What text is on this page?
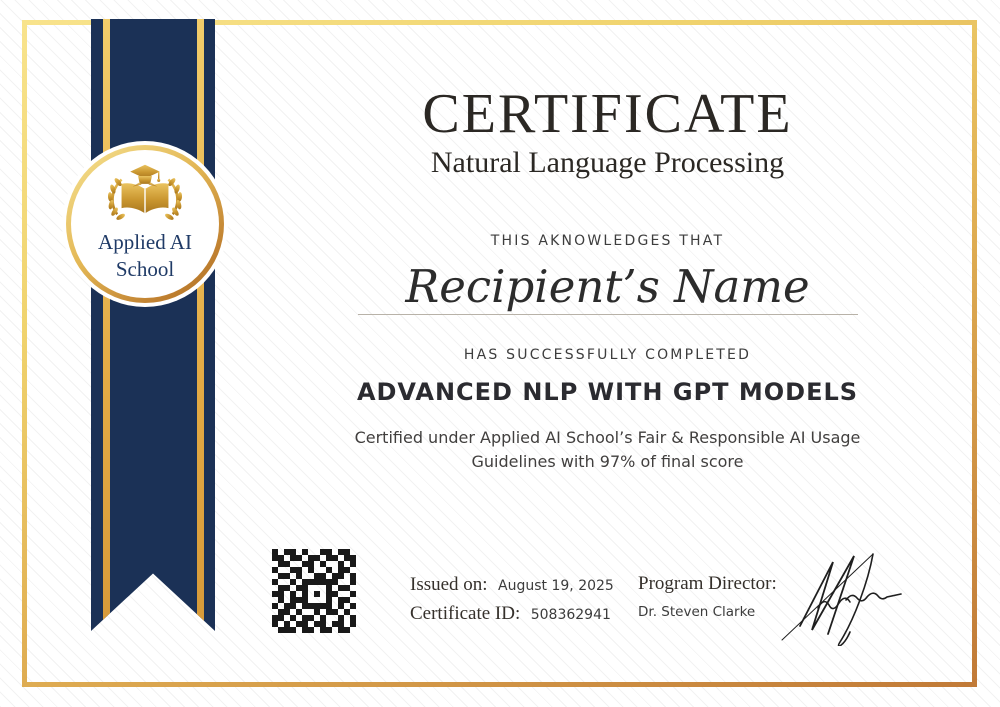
Applied AI
School
CERTIFICATE
Natural Language Processing
THIS AKNOWLEDGES THAT
Recipient’s Name
HAS SUCCESSFULLY COMPLETED
ADVANCED NLP WITH GPT MODELS
Certified under Applied AI School’s Fair & Responsible AI Usage
Guidelines with 97% of final score
Issued on: August 19, 2025
Certificate ID: 508362941
Program Director:
Dr. Steven Clarke
